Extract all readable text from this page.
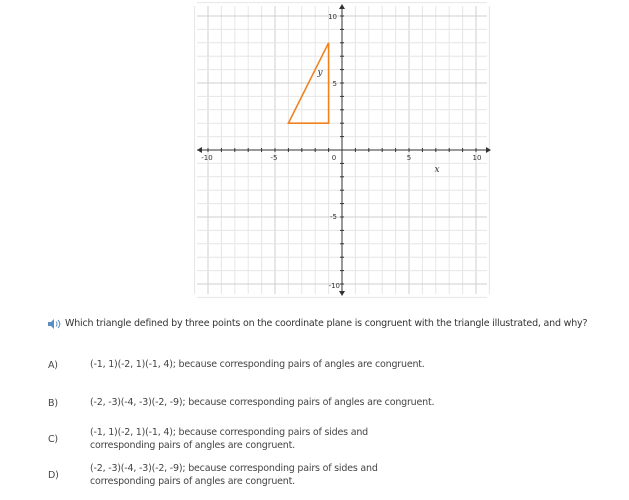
-10	-5	0	5	10
10
5
-5
-10
x
y
Which triangle defined by three points on the coordinate plane is congruent with the triangle illustrated, and why?
A)	(-1, 1)(-2, 1)(-1, 4); because corresponding pairs of angles are congruent.
B)	(-2, -3)(-4, -3)(-2, -9); because corresponding pairs of angles are congruent.
C)
(-1, 1)(-2, 1)(-1, 4); because corresponding pairs of sides and corresponding pairs of angles are congruent.
D)
(-2, -3)(-4, -3)(-2, -9); because corresponding pairs of sides and corresponding pairs of angles are congruent.
